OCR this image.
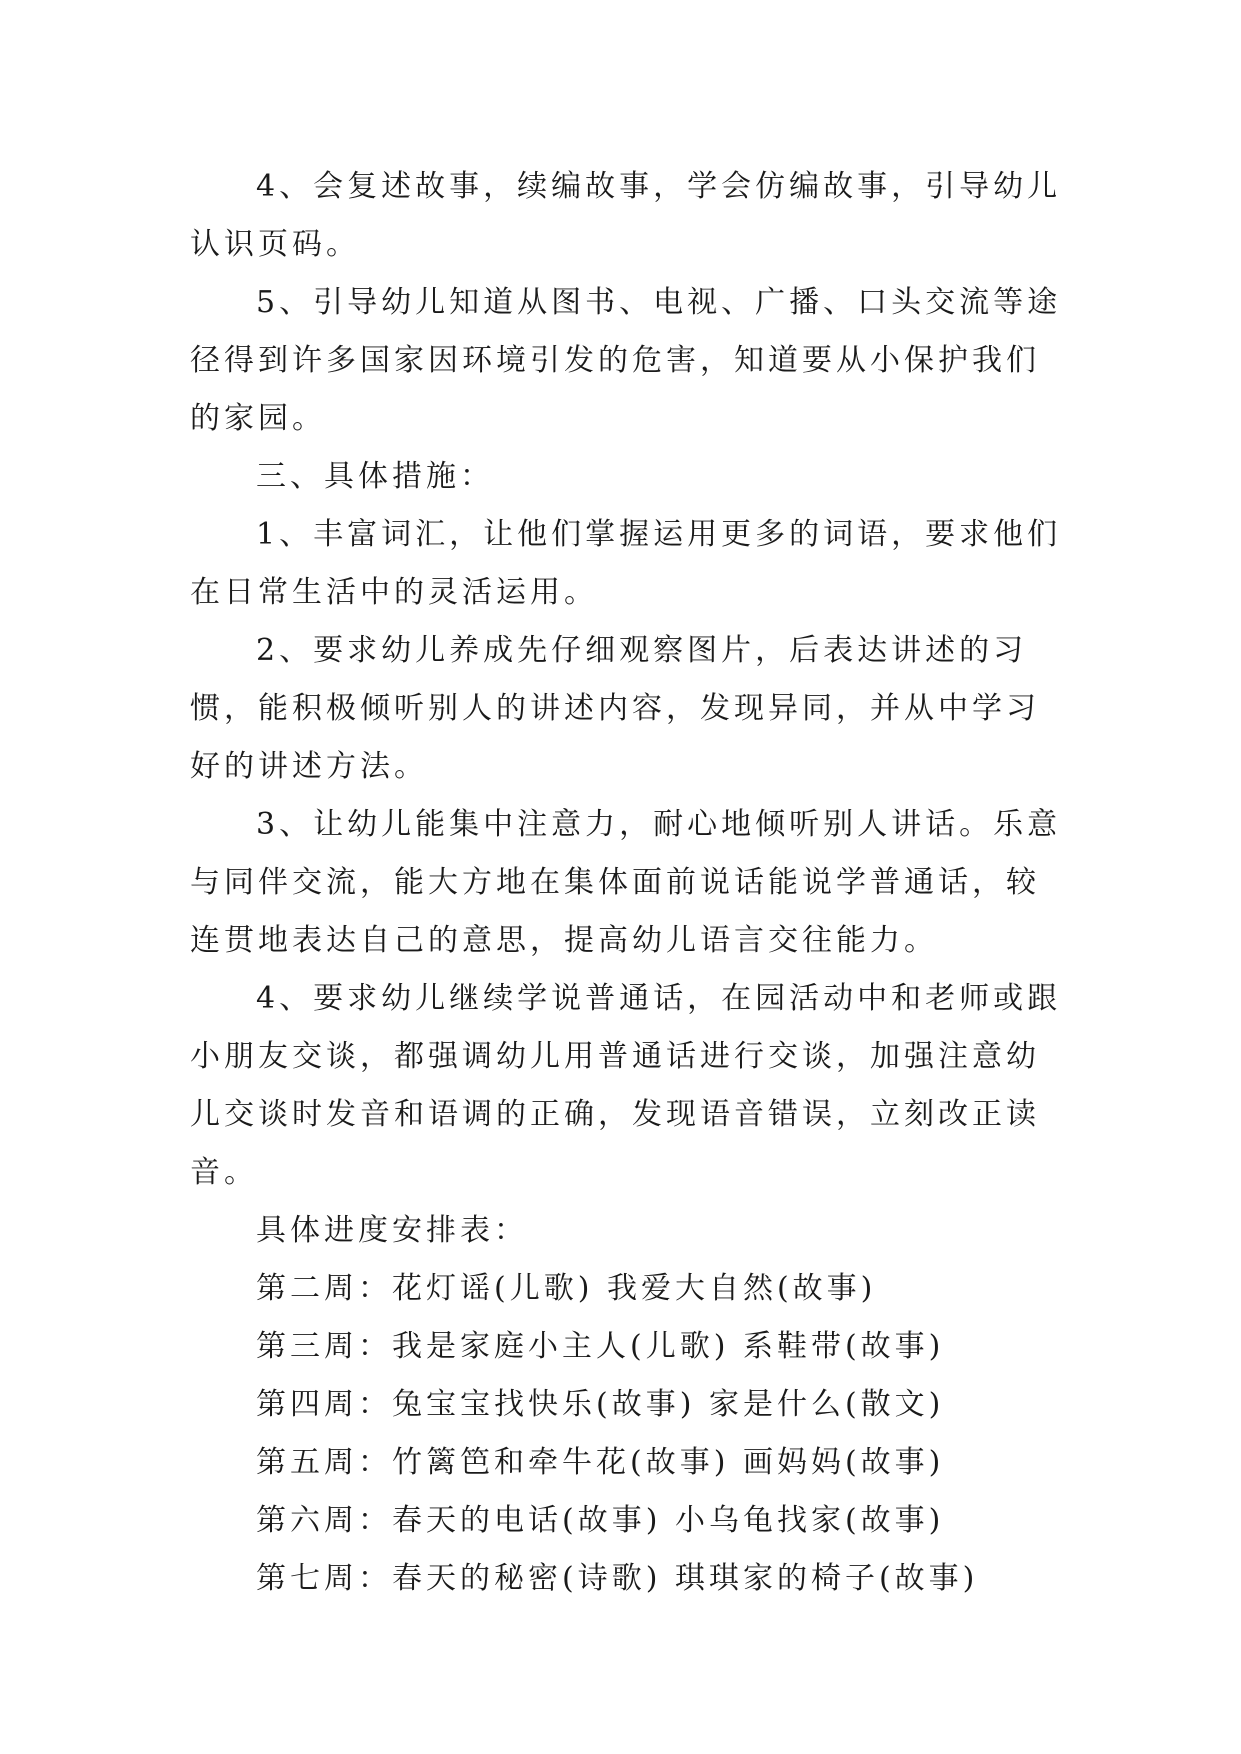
4、会复述故事，续编故事，学会仿编故事，引导幼儿认识页码。

5、引导幼儿知道从图书、电视、广播、口头交流等途径得到许多国家因环境引发的危害，知道要从小保护我们的家园。

三、具体措施：

1、丰富词汇，让他们掌握运用更多的词语，要求他们在日常生活中的灵活运用。

2、要求幼儿养成先仔细观察图片，后表达讲述的习惯，能积极倾听别人的讲述内容，发现异同，并从中学习好的讲述方法。

3、让幼儿能集中注意力，耐心地倾听别人讲话。乐意与同伴交流，能大方地在集体面前说话能说学普通话，较连贯地表达自己的意思，提高幼儿语言交往能力。

4、要求幼儿继续学说普通话，在园活动中和老师或跟小朋友交谈，都强调幼儿用普通话进行交谈，加强注意幼儿交谈时发音和语调的正确，发现语音错误，立刻改正读音。

具体进度安排表：

第二周：花灯谣(儿歌) 我爱大自然(故事)

第三周：我是家庭小主人(儿歌) 系鞋带(故事)

第四周：兔宝宝找快乐(故事) 家是什么(散文)

第五周：竹篱笆和牵牛花(故事) 画妈妈(故事)

第六周：春天的电话(故事) 小乌龟找家(故事)

第七周：春天的秘密(诗歌) 琪琪家的椅子(故事)
